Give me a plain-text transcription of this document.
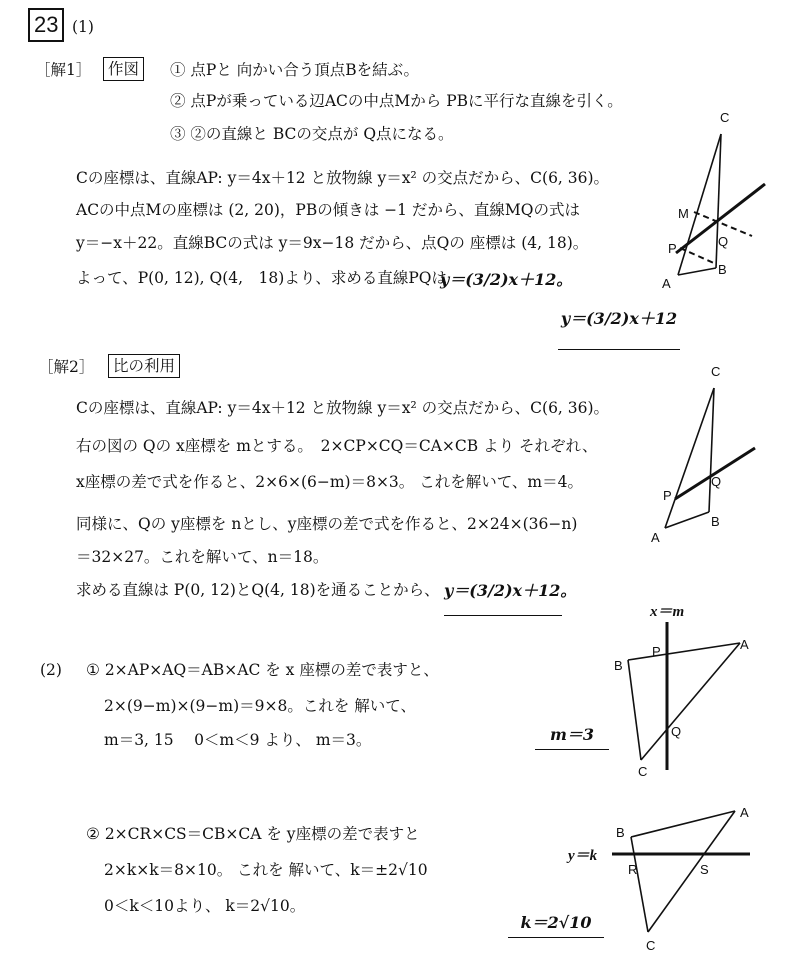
23 (1)
［解1］	作図	① 点Pと 向かい合う頂点Bを結ぶ。
② 点Pが乗っている辺ACの中点Mから PBに平行な直線を引く。
③ ②の直線と BCの交点が Q点になる。
Cの座標は、直線AP: y＝4x＋12 と放物線 y＝x² の交点だから、C(6, 36)。
ACの中点Mの座標は (2, 20)，PBの傾きは −1 だから、直線MQの式は
y＝−x＋22。直線BCの式は y＝9x−18 だから、点Qの 座標は (4, 18)。
よって、P(0, 12), Q(4,　18)より、求める直線PQは
y＝(3/2)x＋12。
y＝(3/2)x＋12
C
M
P	Q
B
A
［解2］	比の利用
Cの座標は、直線AP: y＝4x＋12 と放物線 y＝x² の交点だから、C(6, 36)。
右の図の Qの x座標を mとする。　2×CP×CQ＝CA×CB より それぞれ、
x座標の差で式を作ると、2×6×(6−m)＝8×3。 これを解いて、m＝4。
同様に、Qの y座標を nとし、y座標の差で式を作ると、2×24×(36−n)
＝32×27。これを解いて、n＝18。
求める直線は P(0, 12)とQ(4, 18)を通ることから、 y＝(3/2)x＋12。
C
Q
P
B
A
(2) ① 2×AP×AQ＝AB×AC を x 座標の差で表すと、
2×(9−m)×(9−m)＝9×8。これを 解いて、
m＝3, 15　 0＜m＜9 より、 m＝3。	m＝3
x＝m
A
B
P
Q
C
② 2×CR×CS＝CB×CA を y座標の差で表すと
2×k×k＝8×10。 これを 解いて、k＝±2√10
0＜k＜10より、 k＝2√10。
k＝2√10
y＝k
A
B
R	S
C
